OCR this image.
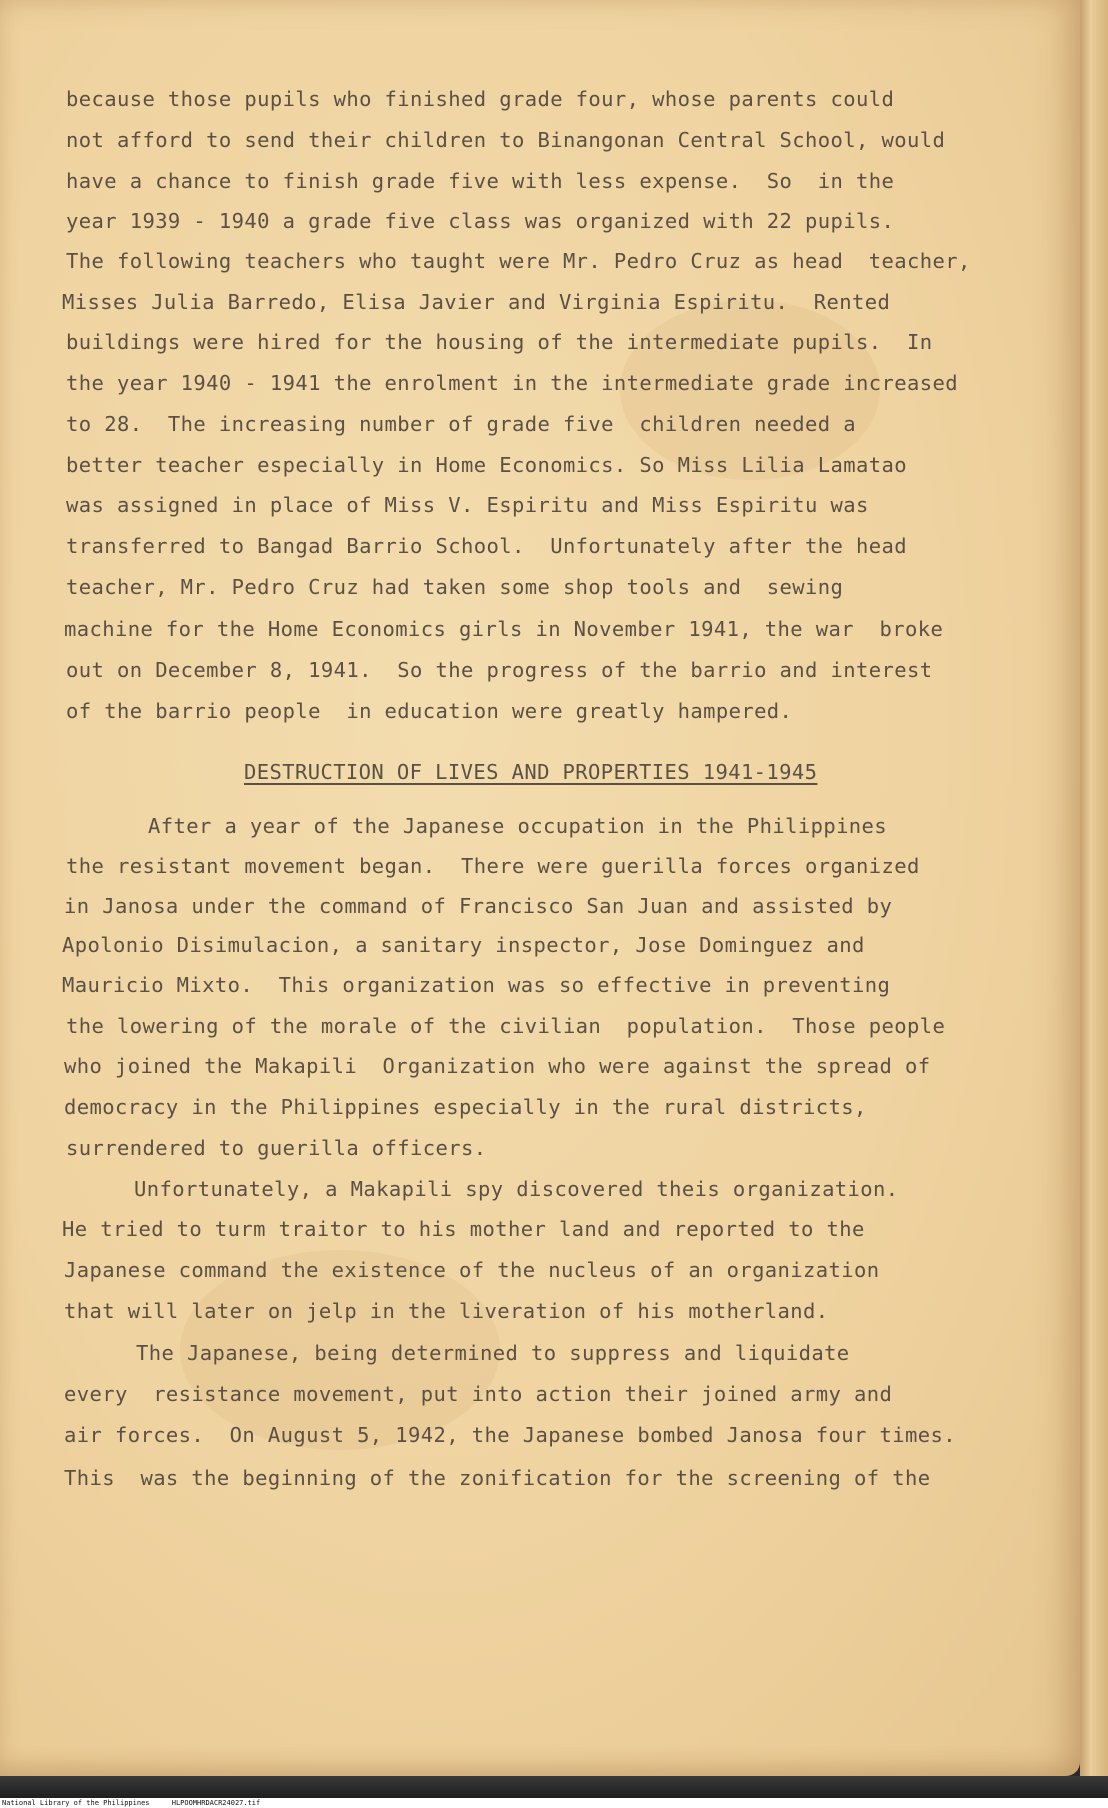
because those pupils who finished grade four, whose parents could
not afford to send their children to Binangonan Central School, would
have a chance to finish grade five with less expense.  So  in the
year 1939 - 1940 a grade five class was organized with 22 pupils.
The following teachers who taught were Mr. Pedro Cruz as head  teacher,
Misses Julia Barredo, Elisa Javier and Virginia Espiritu.  Rented
buildings were hired for the housing of the intermediate pupils.  In
the year 1940 - 1941 the enrolment in the intermediate grade increased
to 28.  The increasing number of grade five  children needed a
better teacher especially in Home Economics. So Miss Lilia Lamatao
was assigned in place of Miss V. Espiritu and Miss Espiritu was
transferred to Bangad Barrio School.  Unfortunately after the head
teacher, Mr. Pedro Cruz had taken some shop tools and  sewing
machine for the Home Economics girls in November 1941, the war  broke
out on December 8, 1941.  So the progress of the barrio and interest
of the barrio people  in education were greatly hampered.
DESTRUCTION OF LIVES AND PROPERTIES 1941-1945
After a year of the Japanese occupation in the Philippines
the resistant movement began.  There were guerilla forces organized
in Janosa under the command of Francisco San Juan and assisted by
Apolonio Disimulacion, a sanitary inspector, Jose Dominguez and
Mauricio Mixto.  This organization was so effective in preventing
the lowering of the morale of the civilian  population.  Those people
who joined the Makapili  Organization who were against the spread of
democracy in the Philippines especially in the rural districts,
surrendered to guerilla officers.
Unfortunately, a Makapili spy discovered theis organization.
He tried to turm traitor to his mother land and reported to the
Japanese command the existence of the nucleus of an organization
that will later on jelp in the liveration of his motherland.
The Japanese, being determined to suppress and liquidate
every  resistance movement, put into action their joined army and
air forces.  On August 5, 1942, the Japanese bombed Janosa four times.
This  was the beginning of the zonification for the screening of the
National Library of the Philippines	HLPOOMHRDACR24027.tif
